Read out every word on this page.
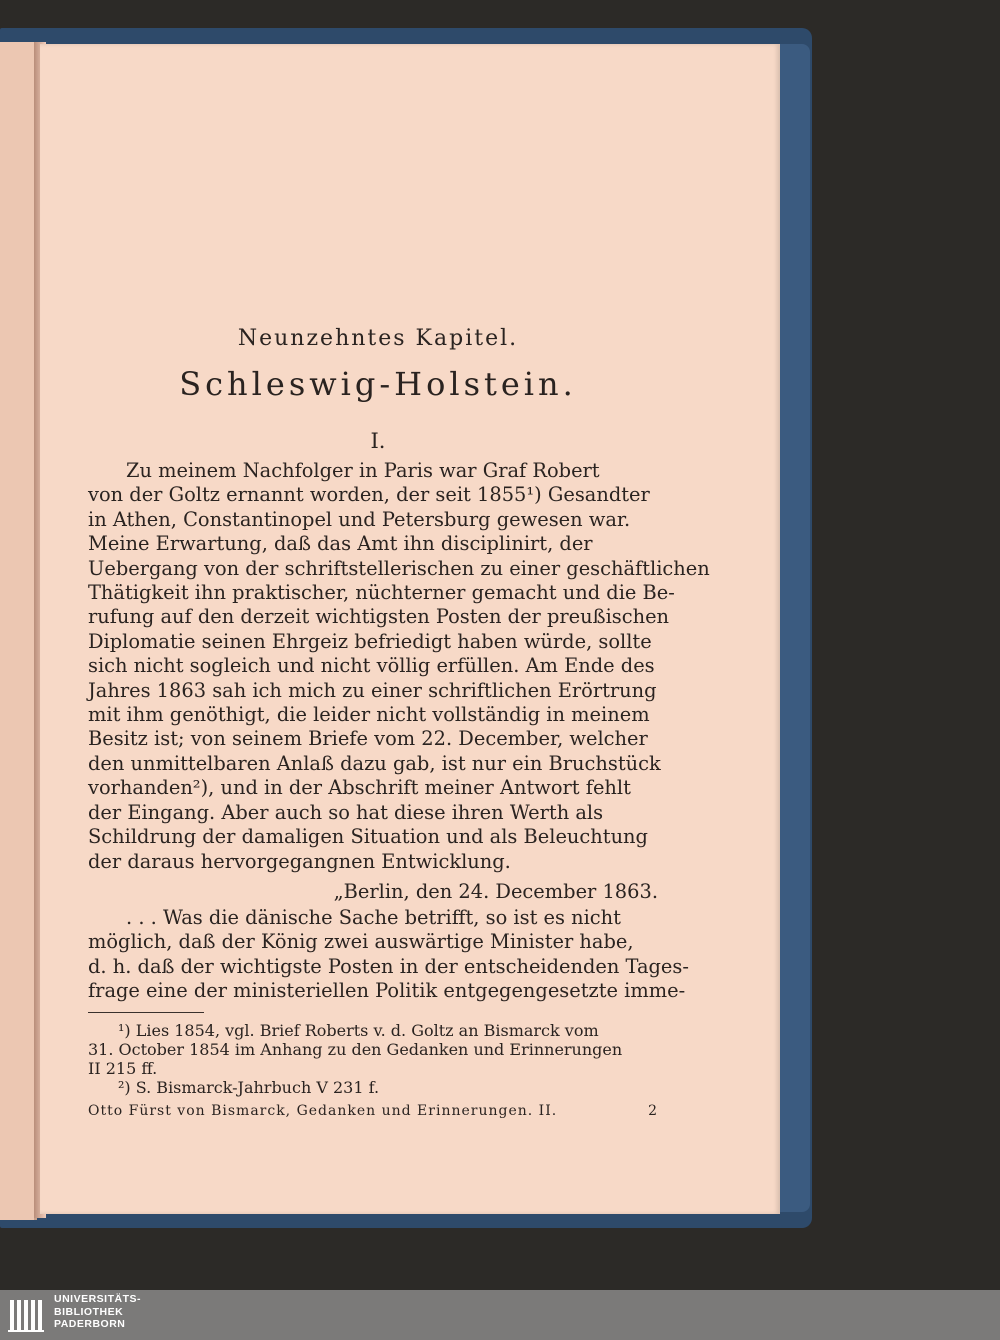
Neunzehntes Kapitel.
Schleswig-Holstein.
I.
Zu meinem Nachfolger in Paris war Graf Robert
von der Goltz ernannt worden, der seit 1855¹) Gesandter
in Athen, Constantinopel und Petersburg gewesen war.
Meine Erwartung, daß das Amt ihn disciplinirt, der
Uebergang von der schriftstellerischen zu einer geschäftlichen
Thätigkeit ihn praktischer, nüchterner gemacht und die Be-
rufung auf den derzeit wichtigsten Posten der preußischen
Diplomatie seinen Ehrgeiz befriedigt haben würde, sollte
sich nicht sogleich und nicht völlig erfüllen. Am Ende des
Jahres 1863 sah ich mich zu einer schriftlichen Erörtrung
mit ihm genöthigt, die leider nicht vollständig in meinem
Besitz ist; von seinem Briefe vom 22. December, welcher
den unmittelbaren Anlaß dazu gab, ist nur ein Bruchstück
vorhanden²), und in der Abschrift meiner Antwort fehlt
der Eingang. Aber auch so hat diese ihren Werth als
Schildrung der damaligen Situation und als Beleuchtung
der daraus hervorgegangnen Entwicklung.
„Berlin, den 24. December 1863.
. . . Was die dänische Sache betrifft, so ist es nicht
möglich, daß der König zwei auswärtige Minister habe,
d. h. daß der wichtigste Posten in der entscheidenden Tages-
frage eine der ministeriellen Politik entgegengesetzte imme-
¹) Lies 1854, vgl. Brief Roberts v. d. Goltz an Bismarck vom
31. October 1854 im Anhang zu den Gedanken und Erinnerungen
II 215 ff.
²) S. Bismarck-Jahrbuch V 231 f.
Otto Fürst von Bismarck, Gedanken und Erinnerungen. II.	2
UNIVERSITÄTS-
BIBLIOTHEK
PADERBORN
